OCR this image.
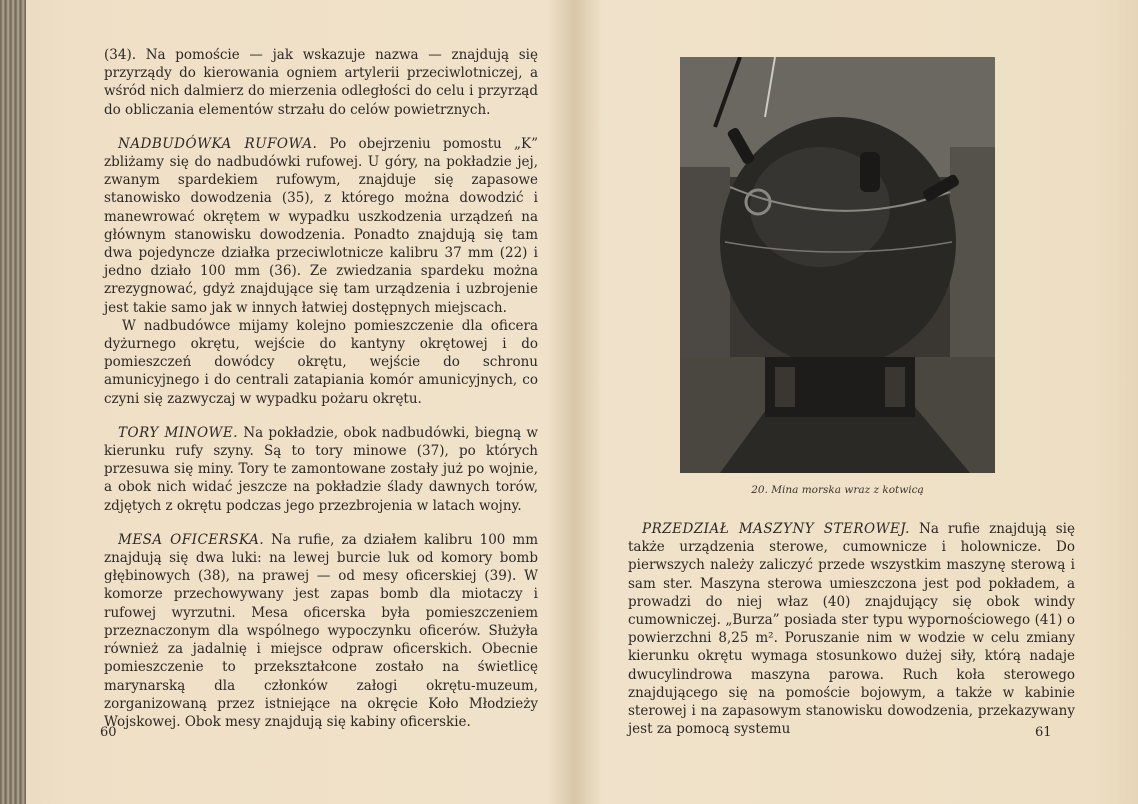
(34). Na pomoście — jak wskazuje nazwa — znajdują się przyrządy do kierowania ogniem artylerii przeciwlotniczej, a wśród nich dalmierz do mierzenia odległości do celu i przyrząd do obliczania elementów strzału do celów powietrznych.

NADBUDÓWKA RUFOWA. Po obejrzeniu pomostu „K” zbliżamy się do nadbudówki rufowej. U góry, na pokładzie jej, zwanym spardekiem rufowym, znajduje się zapasowe stanowisko dowodzenia (35), z którego można dowodzić i manewrować okrętem w wypadku uszkodzenia urządzeń na głównym stanowisku dowodzenia. Ponadto znajdują się tam dwa pojedyncze działka przeciwlotnicze kalibru 37 mm (22) i jedno działo 100 mm (36). Ze zwiedzania spardeku można zrezygnować, gdyż znajdujące się tam urządzenia i uzbrojenie jest takie samo jak w innych łatwiej dostępnych miejscach.

W nadbudówce mijamy kolejno pomieszczenie dla oficera dyżurnego okrętu, wejście do kantyny okrętowej i do pomieszczeń dowódcy okrętu, wejście do schronu amunicyjnego i do centrali zatapiania komór amunicyjnych, co czyni się zazwyczaj w wypadku pożaru okrętu.

TORY MINOWE. Na pokładzie, obok nadbudówki, biegną w kierunku rufy szyny. Są to tory minowe (37), po których przesuwa się miny. Tory te zamontowane zostały już po wojnie, a obok nich widać jeszcze na pokładzie ślady dawnych torów, zdjętych z okrętu podczas jego przezbrojenia w latach wojny.

MESA OFICERSKA. Na rufie, za działem kalibru 100 mm znajdują się dwa luki: na lewej burcie luk od komory bomb głębinowych (38), na prawej — od mesy oficerskiej (39). W komorze przechowywany jest zapas bomb dla miotaczy i rufowej wyrzutni. Mesa oficerska była pomieszczeniem przeznaczonym dla wspólnego wypoczynku oficerów. Służyła również za jadalnię i miejsce odpraw oficerskich. Obecnie pomieszczenie to przekształcone zostało na świetlicę marynarską dla członków załogi okrętu-muzeum, zorganizowaną przez istniejące na okręcie Koło Młodzieży Wojskowej. Obok mesy znajdują się kabiny oficerskie.

60
20. Mina morska wraz z kotwicą

PRZEDZIAŁ MASZYNY STEROWEJ. Na rufie znajdują się także urządzenia sterowe, cumownicze i holownicze. Do pierwszych należy zaliczyć przede wszystkim maszynę sterową i sam ster. Maszyna sterowa umieszczona jest pod pokładem, a prowadzi do niej właz (40) znajdujący się obok windy cumowniczej. „Burza” posiada ster typu wyporności​owego (41) o powierzchni 8,25 m². Poruszanie nim w wodzie w celu zmiany kierunku okrętu wymaga stosunkowo dużej siły, którą nadaje dwucylindrowa maszyna parowa. Ruch koła sterowego znajdującego się na pomoście bojowym, a także w kabinie sterowej i na zapasowym stanowisku dowodzenia, przekazywany jest za pomocą systemu	61
